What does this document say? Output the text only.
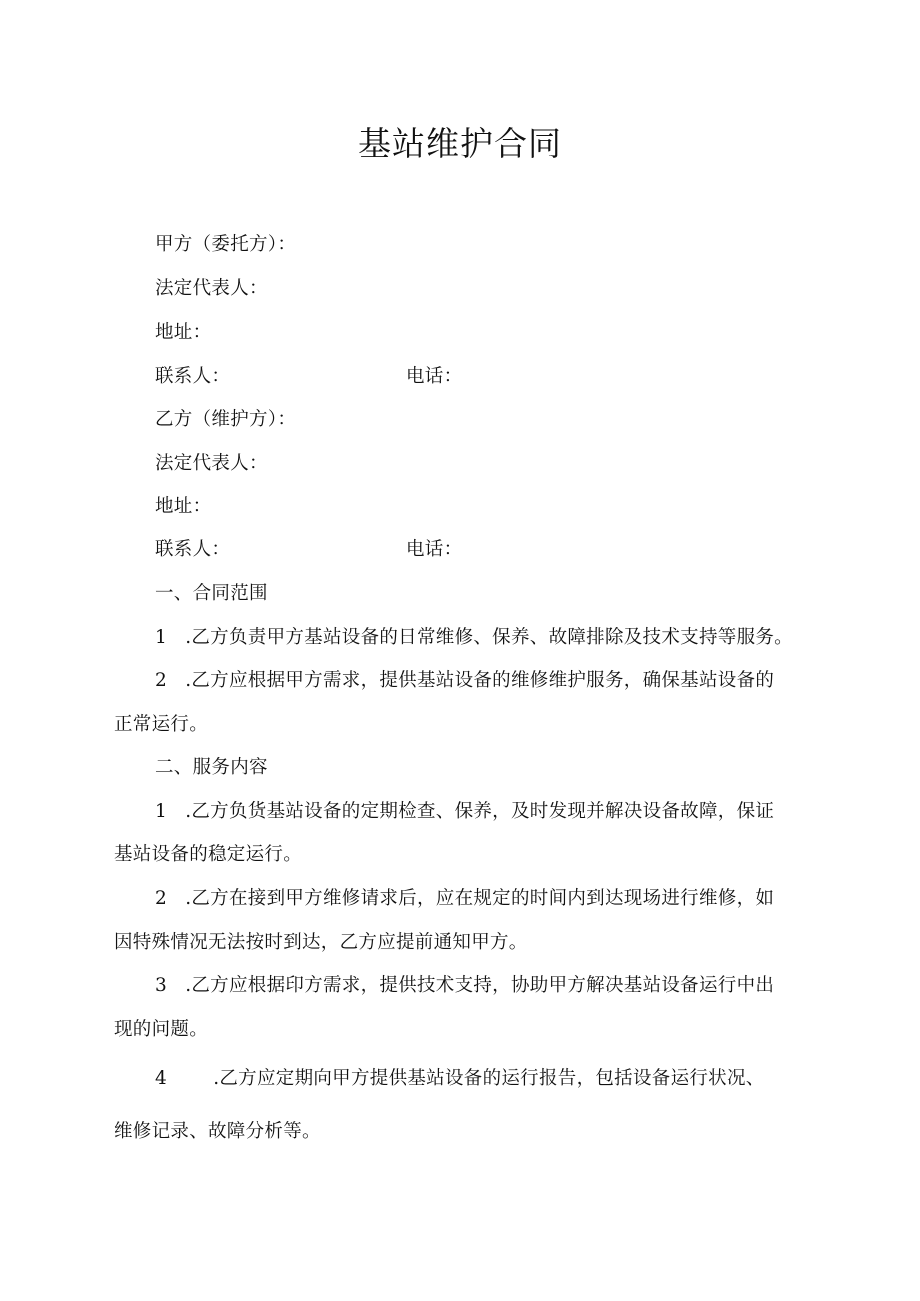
基站维护合同
甲方（委托方）：
法定代表人：
地址：
联系人：	电话：
乙方（维护方）：
法定代表人：
地址：
联系人：	电话：
一、合同范围
1 .乙方负责甲方基站设备的日常维修、保养、故障排除及技术支持等服务。
2 .乙方应根据甲方需求，提供基站设备的维修维护服务，确保基站设备的
正常运行。
二、服务内容
1 .乙方负货基站设备的定期检查、保养，及时发现并解决设备故障，保证
基站设备的稳定运行。
2 .乙方在接到甲方维修请求后，应在规定的时间内到达现场进行维修，如
因特殊情况无法按时到达，乙方应提前通知甲方。
3 .乙方应根据印方需求，提供技术支持，协助甲方解决基站设备运行中出
现的问题。
4 .乙方应定期向甲方提供基站设备的运行报告，包括设备运行状况、
维修记录、故障分析等。
